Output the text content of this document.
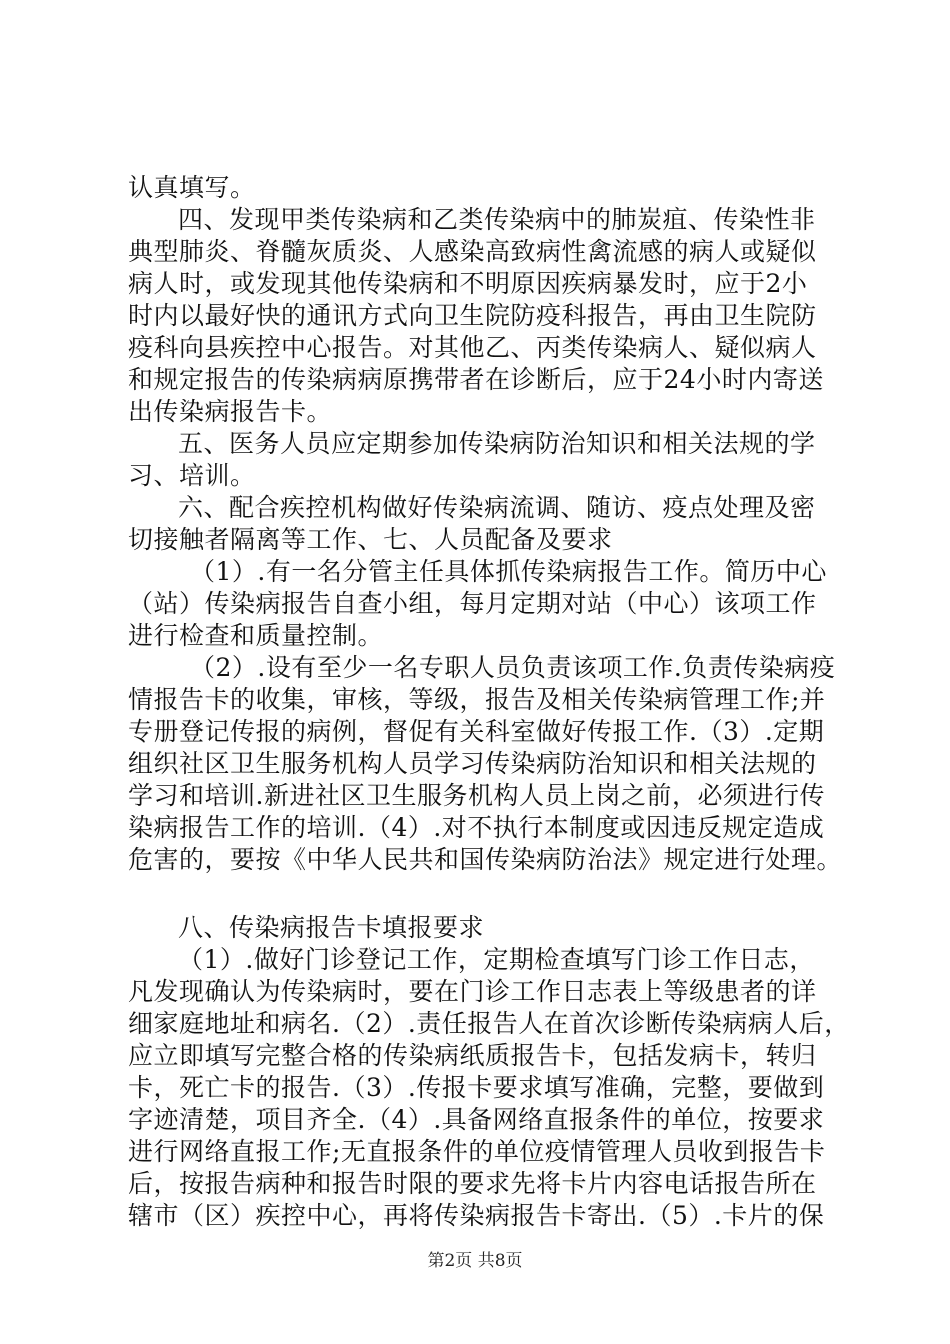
认真填写。
四、发现甲类传染病和乙类传染病中的肺炭疽、传染性非
典型肺炎、脊髓灰质炎、人感染高致病性禽流感的病人或疑似
病人时，或发现其他传染病和不明原因疾病暴发时，应于2小
时内以最好快的通讯方式向卫生院防疫科报告，再由卫生院防
疫科向县疾控中心报告。对其他乙、丙类传染病人、疑似病人
和规定报告的传染病病原携带者在诊断后，应于24小时内寄送
出传染病报告卡。
五、医务人员应定期参加传染病防治知识和相关法规的学
习、培训。
六、配合疾控机构做好传染病流调、随访、疫点处理及密
切接触者隔离等工作、七、人员配备及要求
（1）.有一名分管主任具体抓传染病报告工作。简历中心
（站）传染病报告自查小组，每月定期对站（中心）该项工作
进行检查和质量控制。
（2）.设有至少一名专职人员负责该项工作.负责传染病疫
情报告卡的收集，审核，等级，报告及相关传染病管理工作;并
专册登记传报的病例，督促有关科室做好传报工作.（3）.定期
组织社区卫生服务机构人员学习传染病防治知识和相关法规的
学习和培训.新进社区卫生服务机构人员上岗之前，必须进行传
染病报告工作的培训.（4）.对不执行本制度或因违反规定造成
危害的，要按《中华人民共和国传染病防治法》规定进行处理。
八、传染病报告卡填报要求
（1）.做好门诊登记工作，定期检查填写门诊工作日志，
凡发现确认为传染病时，要在门诊工作日志表上等级患者的详
细家庭地址和病名.（2）.责任报告人在首次诊断传染病病人后，
应立即填写完整合格的传染病纸质报告卡，包括发病卡，转归
卡，死亡卡的报告.（3）.传报卡要求填写准确，完整，要做到
字迹清楚，项目齐全.（4）.具备网络直报条件的单位，按要求
进行网络直报工作;无直报条件的单位疫情管理人员收到报告卡
后，按报告病种和报告时限的要求先将卡片内容电话报告所在
辖市（区）疾控中心，再将传染病报告卡寄出.（5）.卡片的保
第2页 共8页
